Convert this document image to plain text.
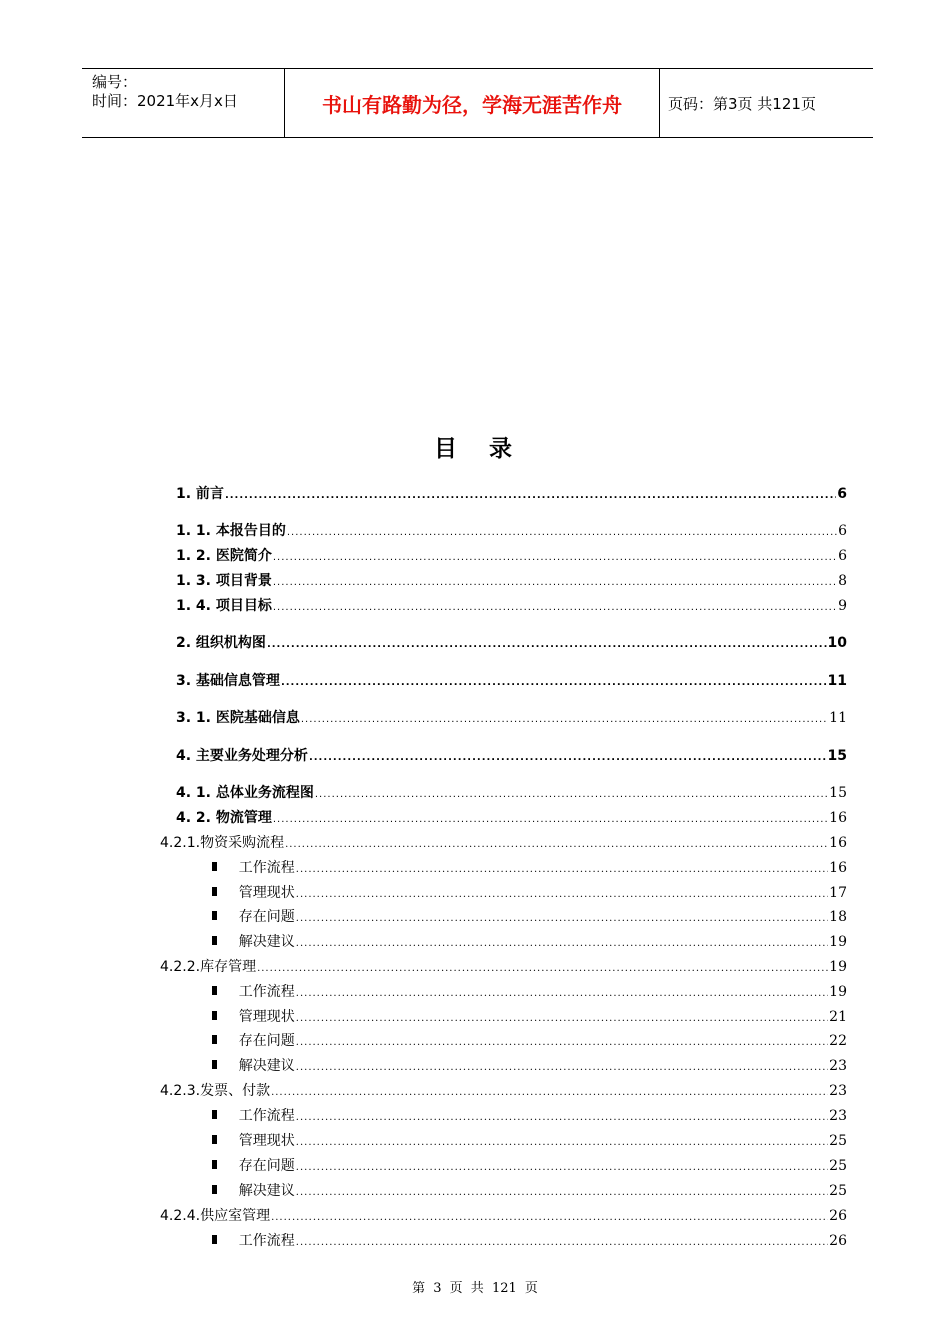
编号：
时间：2021年x月x日	书山有路勤为径，学海无涯苦作舟	页码：第3页 共121页
目 录
1. 前言 .....	6
1. 1. 本报告目的 .....	6
1. 2. 医院简介 .....	6
1. 3. 项目背景 .....	8
1. 4. 项目目标 .....	9
2. 组织机构图 .....	10
3. 基础信息管理 .....	11
3. 1. 医院基础信息 .....	11
4. 主要业务处理分析 .....	15
4. 1. 总体业务流程图 .....	15
4. 2. 物流管理 .....	16
4.2.1.物资采购流程 .....	16
工作流程 .....	16
管理现状 .....	17
存在问题 .....	18
解决建议 .....	19
4.2.2.库存管理 .....	19
工作流程 .....	19
管理现状 .....	21
存在问题 .....	22
解决建议 .....	23
4.2.3.发票、付款 .....	23
工作流程 .....	23
管理现状 .....	25
存在问题 .....	25
解决建议 .....	25
4.2.4.供应室管理 .....	26
工作流程 .....	26
第 3 页 共 121 页
